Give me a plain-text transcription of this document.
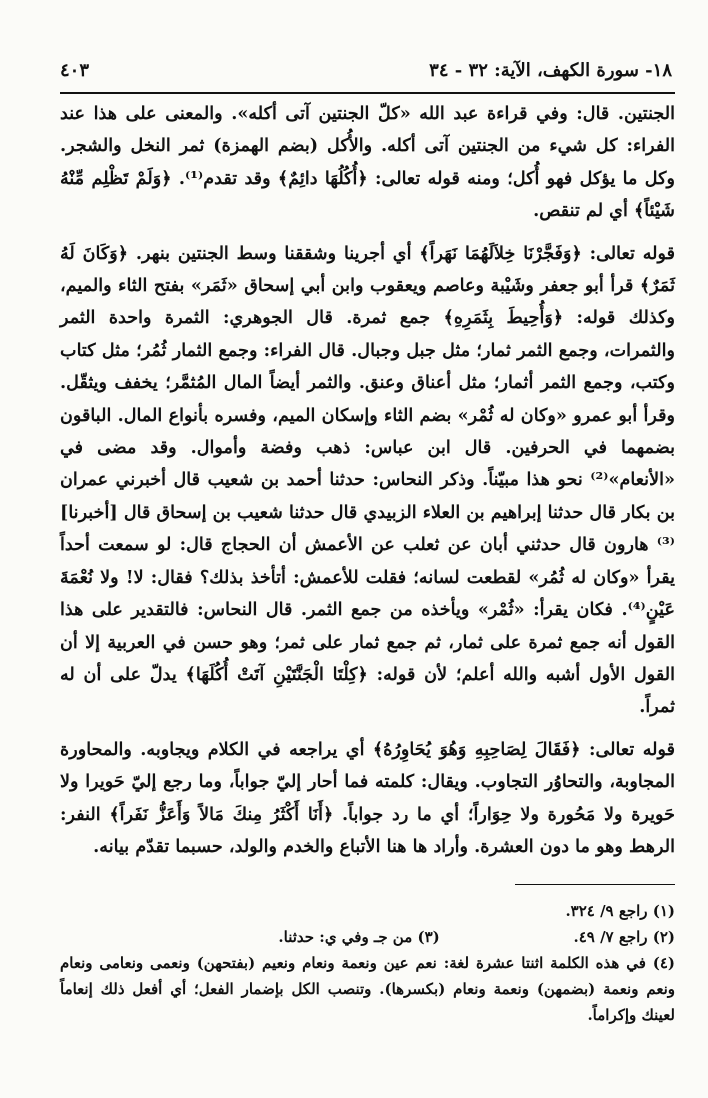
١٨- سورة الكهف، الآية: ٣٢ - ٣٤
٤٠٣

الجنتين. قال: وفي قراءة عبد الله «كلّ الجنتين آتى أكله». والمعنى على هذا عند الفراء: كل شيء من الجنتين آتى أكله. والأُكل (بضم الهمزة) ثمر النخل والشجر. وكل ما يؤكل فهو أُكل؛ ومنه قوله تعالى: ﴿أُكُلُهَا دائِمٌ﴾ وقد تقدم⁽¹⁾. ﴿وَلَمْ تَظْلِم مِّنْهُ شَيْئاً﴾ أي لم تنقص.

قوله تعالى: ﴿وَفَجَّرْنَا خِلاَلَهُمَا نَهَراً﴾ أي أجرينا وشققنا وسط الجنتين بنهر. ﴿وَكَانَ لَهُ ثَمَرٌ﴾ قرأ أبو جعفر وشَيْبة وعاصم ويعقوب وابن أبي إسحاق «ثَمَر» بفتح الثاء والميم، وكذلك قوله: ﴿وَأُحِيطَ بِثَمَرِهِ﴾ جمع ثمرة. قال الجوهري: الثمرة واحدة الثمر والثمرات، وجمع الثمر ثمار؛ مثل جبل وجبال. قال الفراء: وجمع الثمار ثُمُر؛ مثل كتاب وكتب، وجمع الثمر أثمار؛ مثل أعناق وعنق. والثمر أيضاً المال المُثمَّر؛ يخفف ويثقّل. وقرأ أبو عمرو «وكان له ثُمْر» بضم الثاء وإسكان الميم، وفسره بأنواع المال. الباقون بضمهما في الحرفين. قال ابن عباس: ذهب وفضة وأموال. وقد مضى في «الأنعام»⁽²⁾ نحو هذا مبيّناً. وذكر النحاس: حدثنا أحمد بن شعيب قال أخبرني عمران بن بكار قال حدثنا إبراهيم بن العلاء الزبيدي قال حدثنا شعيب بن إسحاق قال [أخبرنا]⁽³⁾ هارون قال حدثني أبان عن ثعلب عن الأعمش أن الحجاج قال: لو سمعت أحداً يقرأ «وكان له ثُمُر» لقطعت لسانه؛ فقلت للأعمش: أتأخذ بذلك؟ فقال: لا! ولا نُعْمَةَ عَيْنٍ⁽⁴⁾. فكان يقرأ: «ثُمْر» ويأخذه من جمع الثمر. قال النحاس: فالتقدير على هذا القول أنه جمع ثمرة على ثمار، ثم جمع ثمار على ثمر؛ وهو حسن في العربية إلا أن القول الأول أشبه والله أعلم؛ لأن قوله: ﴿كِلْتَا الْجَنَّتَيْنِ آتَتْ أُكُلَهَا﴾ يدلّ على أن له ثمراً.

قوله تعالى: ﴿فَقَالَ لِصَاحِبِهِ وَهُوَ يُحَاوِرُهُ﴾ أي يراجعه في الكلام ويجاوبه. والمحاورة المجاوبة، والتحاوُر التجاوب. ويقال: كلمته فما أحار إليّ جواباً، وما رجع إليّ حَويرا ولا حَويرة ولا مَحُورة ولا حِوَاراً؛ أي ما رد جواباً. ﴿أَنَا أَكْثَرُ مِنكَ مَالاً وَأَعَزُّ نَفَراً﴾ النفر: الرهط وهو ما دون العشرة. وأراد ها هنا الأتباع والخدم والولد، حسبما تقدّم بيانه.

(١) راجع ٩/ ٣٢٤.
(٢) راجع ٧/ ٤٩. (٣) من جـ وفي ي: حدثنا.
(٤) في هذه الكلمة اثنتا عشرة لغة: نعم عين ونعمة ونعام ونعيم (بفتحهن) ونعمى ونعامى ونعام ونعم ونعمة (بضمهن) ونعمة ونعام (بكسرها). وتنصب الكل بإضمار الفعل؛ أي أفعل ذلك إنعاماً لعينك وإكراماً.
